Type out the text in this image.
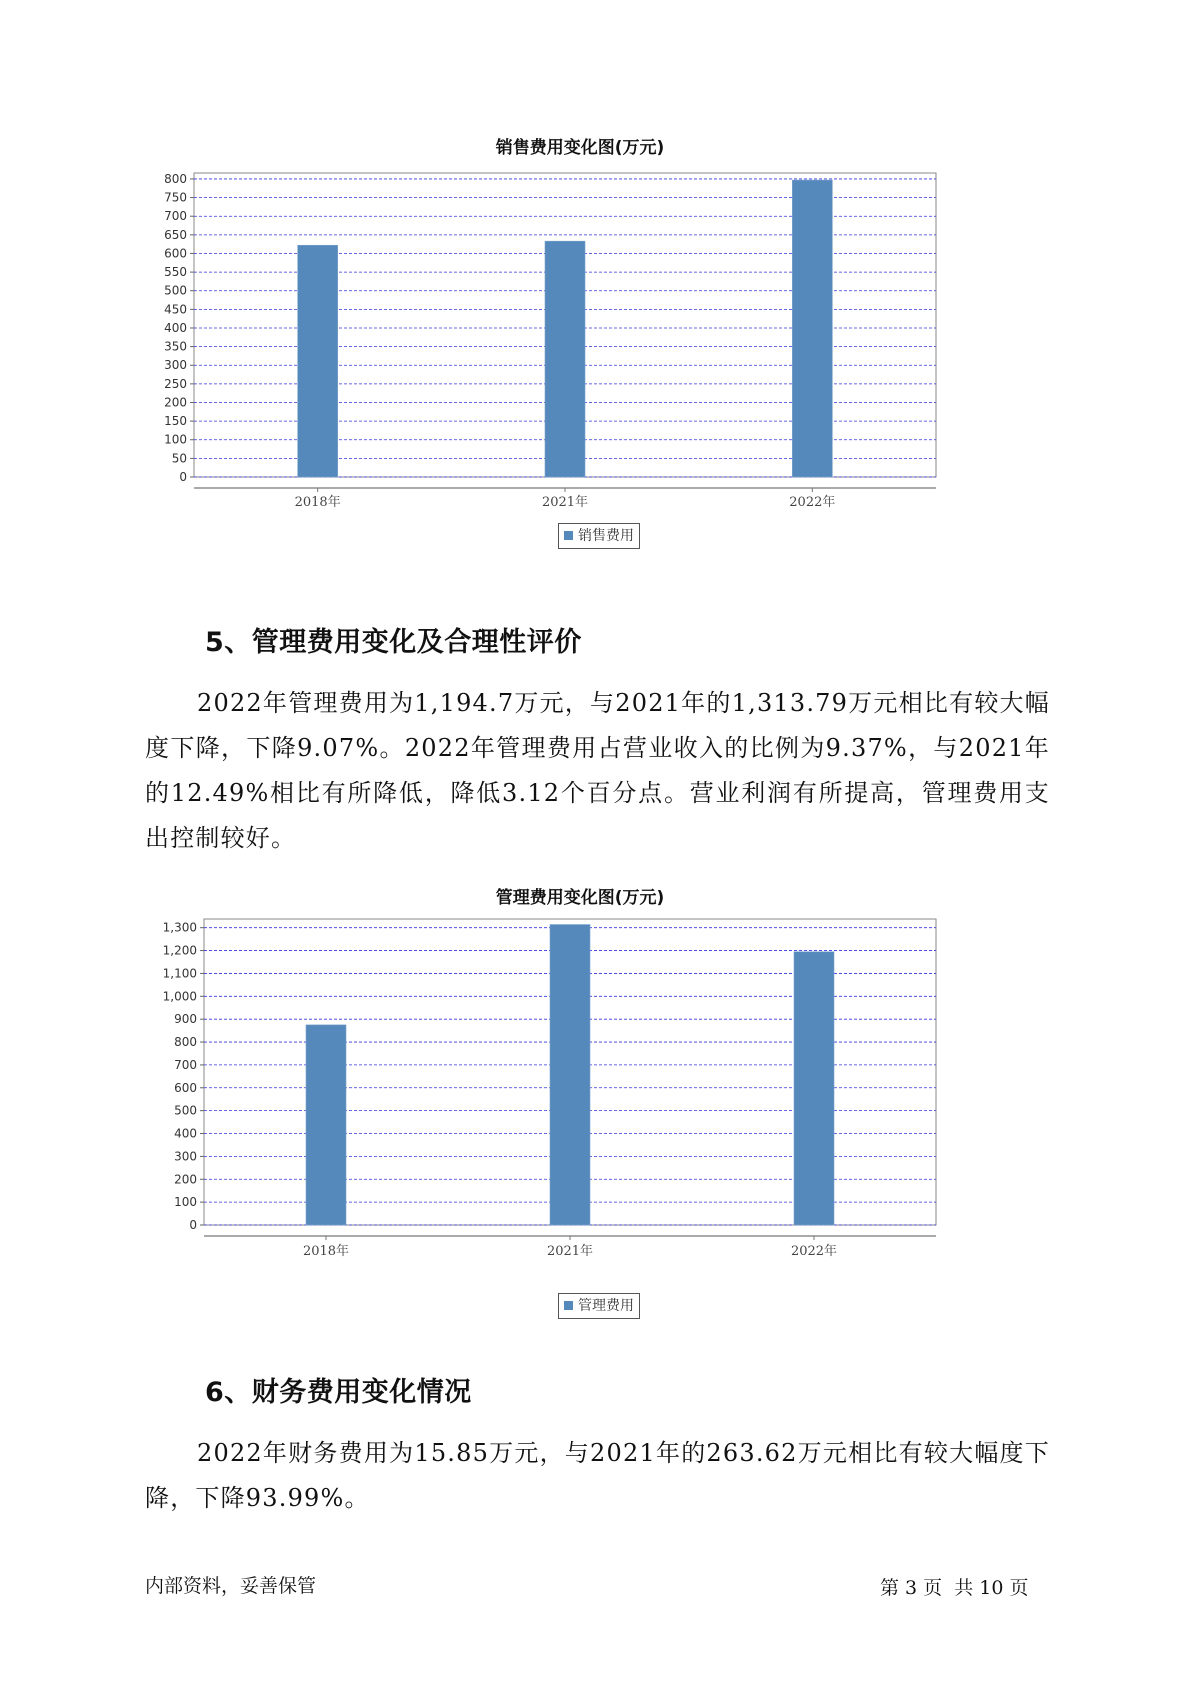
销售费用变化图(万元)
0
50
100
150
200
250
300
350
400
450
500
550
600
650
700
750
800
2018年	2021年	2022年
销售费用
5、管理费用变化及合理性评价
2022年管理费用为1,194.7万元，与2021年的1,313.79万元相比有较大幅度下降，下降9.07%。2022年管理费用占营业收入的比例为9.37%，与2021年的12.49%相比有所降低，降低3.12个百分点。营业利润有所提高，管理费用支出控制较好。
管理费用变化图(万元)
0
100
200
300
400
500
600
700
800
900
1,000
1,100
1,200
1,300
2018年	2021年	2022年
管理费用
6、财务费用变化情况
2022年财务费用为15.85万元，与2021年的263.62万元相比有较大幅度下降，下降93.99%。
内部资料，妥善保管	第 3 页  共 10 页
